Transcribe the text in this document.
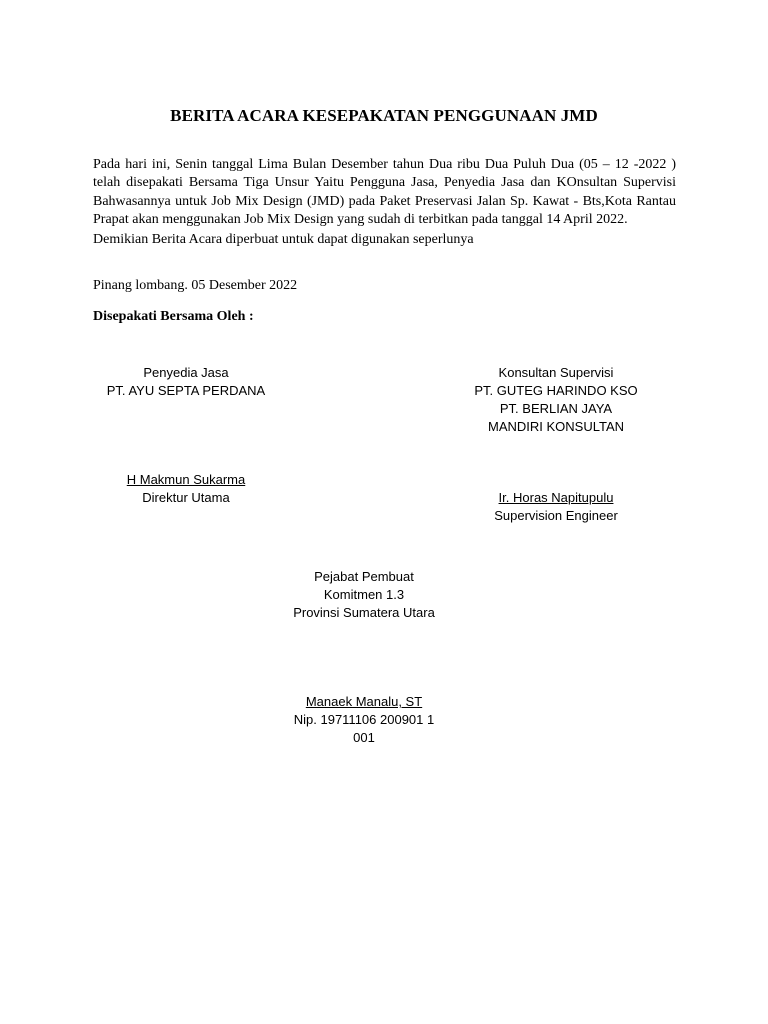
BERITA ACARA KESEPAKATAN PENGGUNAAN JMD
Pada hari ini, Senin tanggal Lima Bulan Desember tahun Dua ribu Dua Puluh Dua (05 – 12 -2022 ) telah disepakati Bersama Tiga Unsur Yaitu Pengguna Jasa, Penyedia Jasa dan KOnsultan Supervisi Bahwasannya untuk Job Mix Design (JMD) pada Paket Preservasi Jalan Sp. Kawat - Bts,Kota Rantau Prapat akan menggunakan Job Mix Design yang sudah di terbitkan pada tanggal 14 April 2022.
Demikian Berita Acara diperbuat untuk dapat digunakan seperlunya
Pinang lombang. 05 Desember 2022
Disepakati Bersama Oleh :
Penyedia Jasa
PT. AYU SEPTA PERDANA
H Makmun Sukarma
Direktur Utama
Konsultan Supervisi
PT. GUTEG HARINDO KSO
PT. BERLIAN JAYA
MANDIRI KONSULTAN
Ir. Horas Napitupulu
Supervision Engineer
Pejabat Pembuat
Komitmen 1.3
Provinsi Sumatera Utara
Manaek Manalu, ST
Nip. 19711106 200901 1
001
